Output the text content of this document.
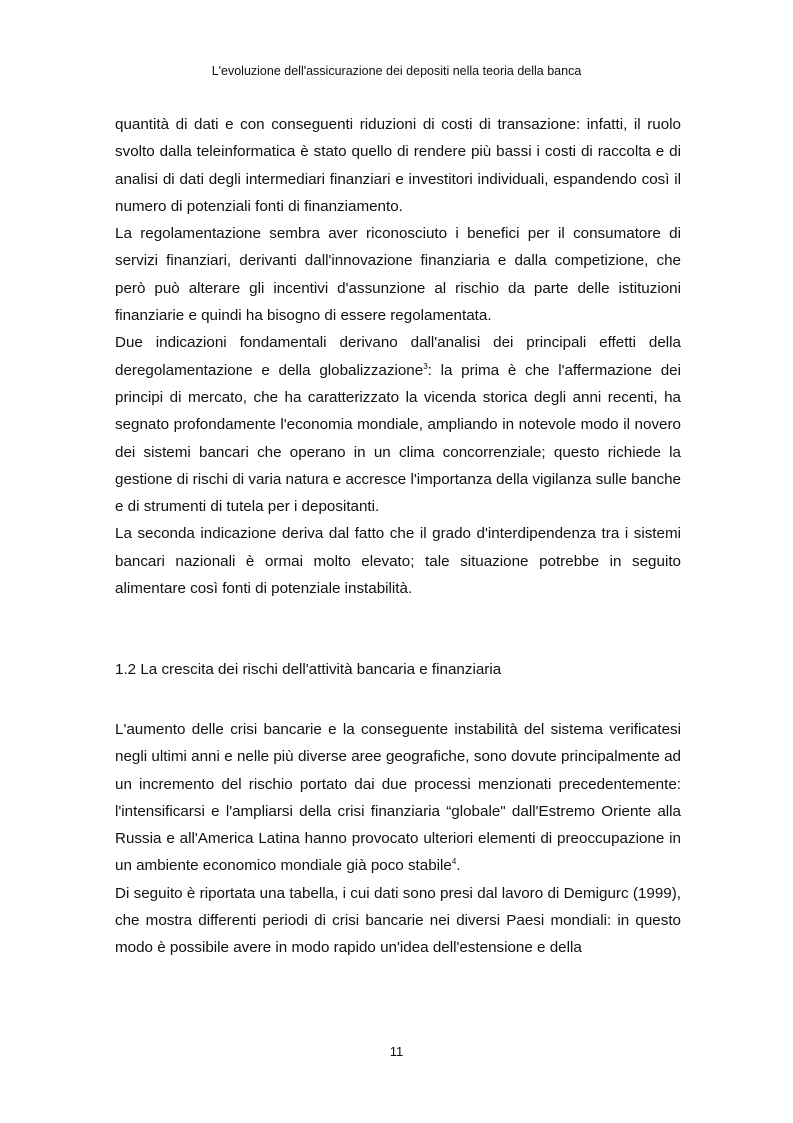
L'evoluzione dell'assicurazione dei depositi nella teoria della banca

quantità di dati e con conseguenti riduzioni di costi di transazione: infatti, il ruolo svolto dalla teleinformatica è stato quello di rendere più bassi i costi di raccolta e di analisi di dati degli intermediari finanziari e investitori individuali, espandendo così il numero di potenziali fonti di finanziamento.

La regolamentazione sembra aver riconosciuto i benefici per il consumatore di servizi finanziari, derivanti dall'innovazione finanziaria e dalla competizione, che però può alterare gli incentivi d'assunzione al rischio da parte delle istituzioni finanziarie e quindi ha bisogno di essere regolamentata.

Due indicazioni fondamentali derivano dall'analisi dei principali effetti della deregolamentazione e della globalizzazione$^3$: la prima è che l'affermazione dei principi di mercato, che ha caratterizzato la vicenda storica degli anni recenti, ha segnato profondamente l'economia mondiale, ampliando in notevole modo il novero dei sistemi bancari che operano in un clima concorrenziale; questo richiede la gestione di rischi di varia natura e accresce l'importanza della vigilanza sulle banche e di strumenti di tutela per i depositanti.

La seconda indicazione deriva dal fatto che il grado d'interdipendenza tra i sistemi bancari nazionali è ormai molto elevato; tale situazione potrebbe in seguito alimentare così fonti di potenziale instabilità.

1.2 La crescita dei rischi dell'attività bancaria e finanziaria

L'aumento delle crisi bancarie e la conseguente instabilità del sistema verificatesi negli ultimi anni e nelle più diverse aree geografiche, sono dovute principalmente ad un incremento del rischio portato dai due processi menzionati precedentemente: l'intensificarsi e l'ampliarsi della crisi finanziaria “globale" dall'Estremo Oriente alla Russia e all'America Latina hanno provocato ulteriori elementi di preoccupazione in un ambiente economico mondiale già poco stabile$^4$.

Di seguito è riportata una tabella, i cui dati sono presi dal lavoro di Demigurc (1999), che mostra differenti periodi di crisi bancarie nei diversi Paesi mondiali: in questo modo è possibile avere in modo rapido un'idea dell'estensione e della

11
